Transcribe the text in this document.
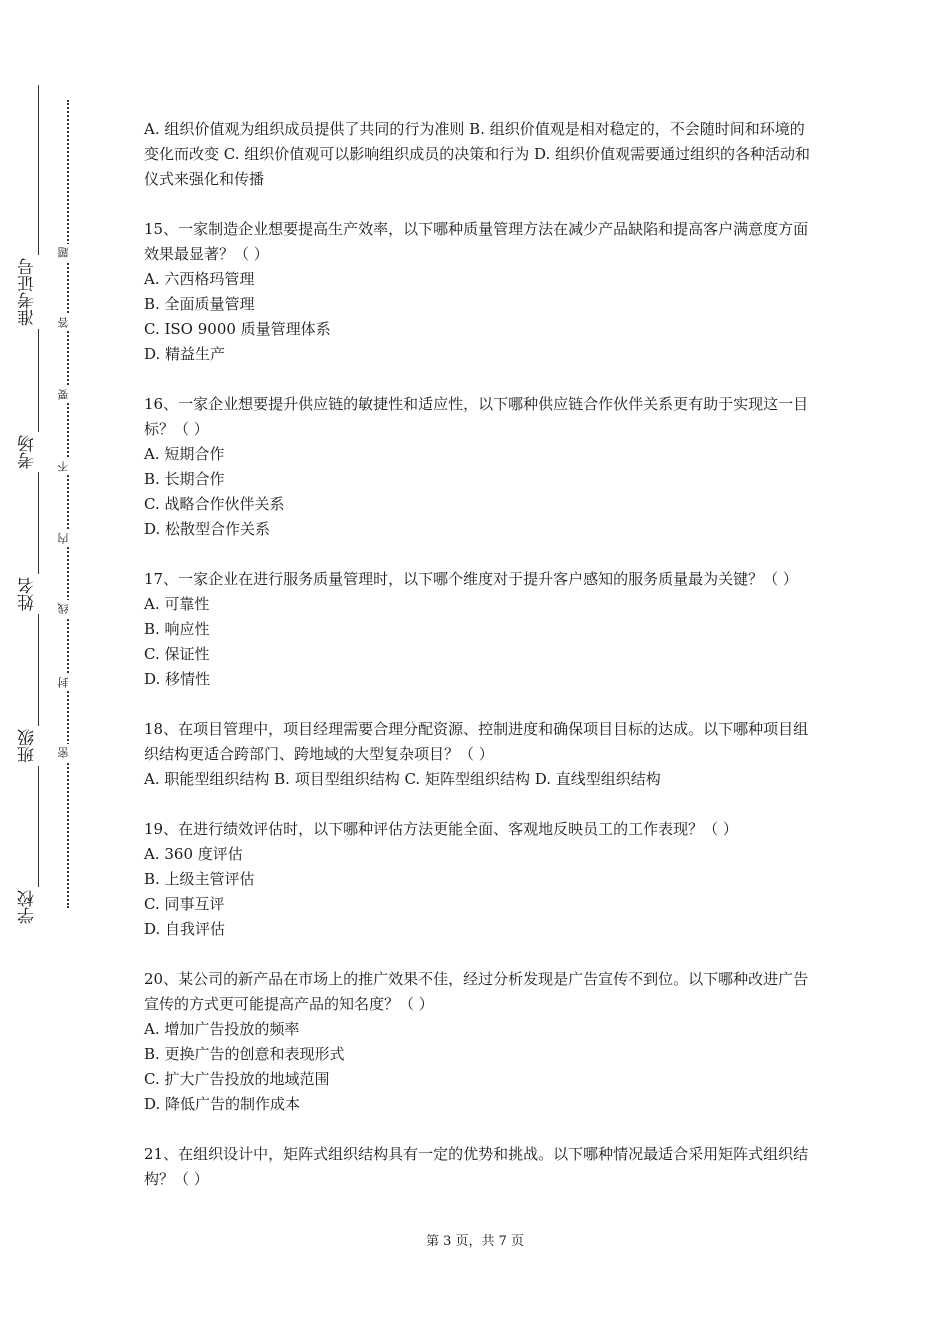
准考证号
考场
姓名
班级
学校
题
答
要
不
内
线
封
密

A. 组织价值观为组织成员提供了共同的行为准则 B. 组织价值观是相对稳定的，不会随时间和环境的变化而改变 C. 组织价值观可以影响组织成员的决策和行为 D. 组织价值观需要通过组织的各种活动和仪式来强化和传播

15、一家制造企业想要提高生产效率，以下哪种质量管理方法在减少产品缺陷和提高客户满意度方面效果最显著？（ ）

A. 六西格玛管理

B. 全面质量管理

C. ISO 9000 质量管理体系

D. 精益生产

16、一家企业想要提升供应链的敏捷性和适应性，以下哪种供应链合作伙伴关系更有助于实现这一目标？（ ）

A. 短期合作

B. 长期合作

C. 战略合作伙伴关系

D. 松散型合作关系

17、一家企业在进行服务质量管理时，以下哪个维度对于提升客户感知的服务质量最为关键？（ ）

A. 可靠性

B. 响应性

C. 保证性

D. 移情性

18、在项目管理中，项目经理需要合理分配资源、控制进度和确保项目目标的达成。以下哪种项目组织结构更适合跨部门、跨地域的大型复杂项目？（ ）

A. 职能型组织结构 B. 项目型组织结构 C. 矩阵型组织结构 D. 直线型组织结构

19、在进行绩效评估时，以下哪种评估方法更能全面、客观地反映员工的工作表现？（ ）

A. 360 度评估

B. 上级主管评估

C. 同事互评

D. 自我评估

20、某公司的新产品在市场上的推广效果不佳，经过分析发现是广告宣传不到位。以下哪种改进广告宣传的方式更可能提高产品的知名度？（ ）

A. 增加广告投放的频率

B. 更换广告的创意和表现形式

C. 扩大广告投放的地域范围

D. 降低广告的制作成本

21、在组织设计中，矩阵式组织结构具有一定的优势和挑战。以下哪种情况最适合采用矩阵式组织结构？（ ）

第 3 页，共 7 页
